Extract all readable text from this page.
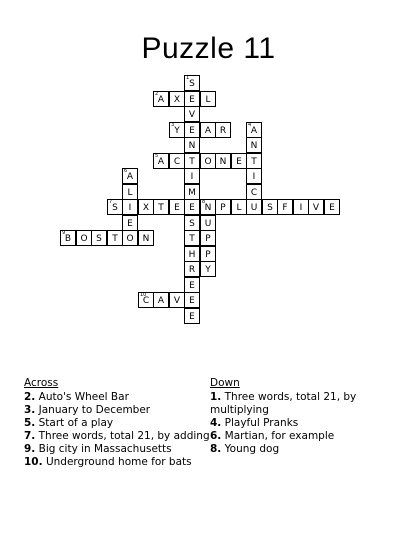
Puzzle 11
1
S
2
A	X	E	L
V
3
Y	E	A R
4
A
N	N
5
A	C	T	O N	E	T
6
A	I	I
L	M	C
7
S	I	X	T	E	E
8
N P	L	U	S	F	I	V	E
E	S	U
9
B	O S	T O	N	T	P
H	P
R	Y
E
10
C A	V	E
E
Across
2. Auto's Wheel Bar
3. January to December
5. Start of a play
7. Three words, total 21, by adding
9. Big city in Massachusetts
10. Underground home for bats
Down
1. Three words, total 21, by multiplying
4. Playful Pranks
6. Martian, for example
8. Young dog
